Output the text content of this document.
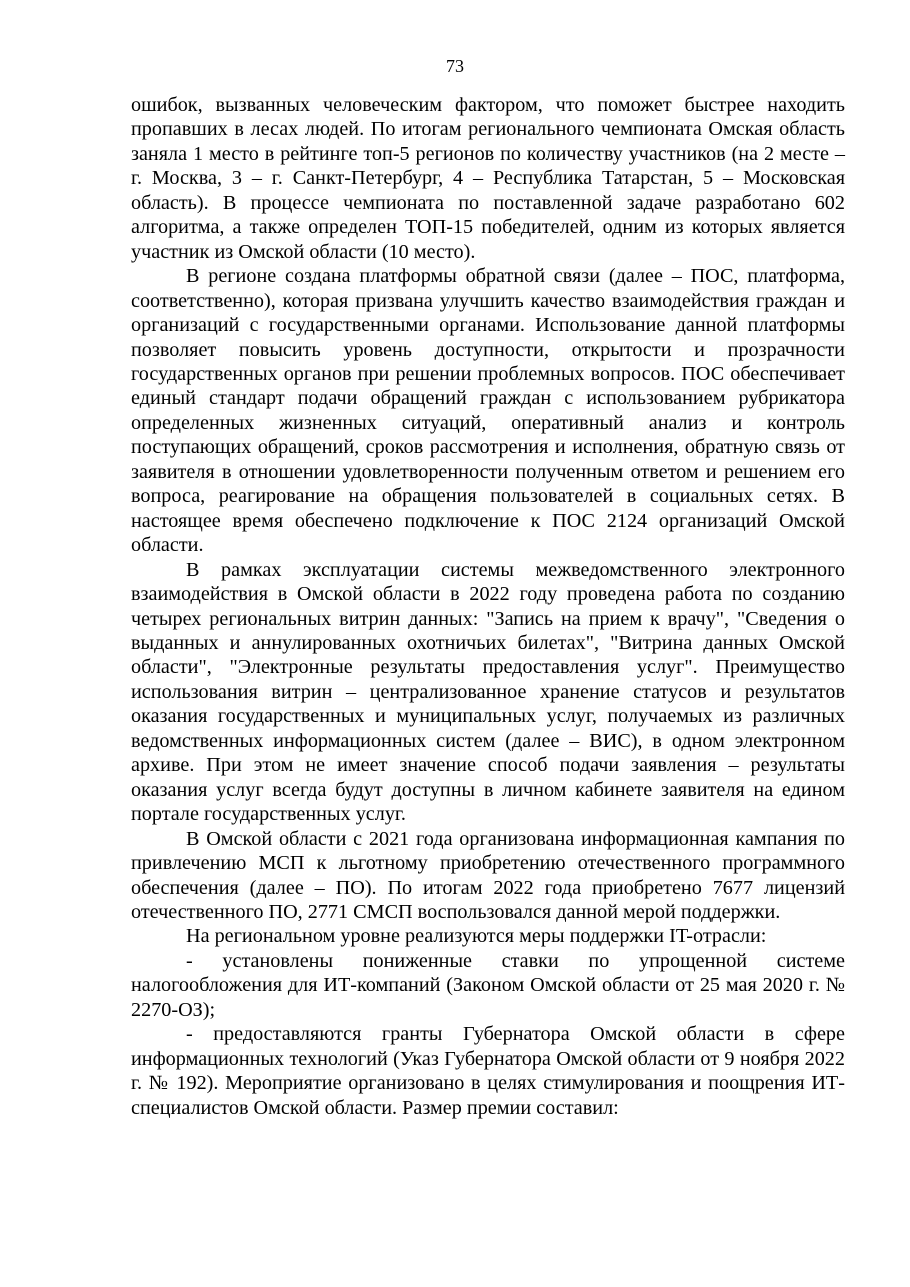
73

ошибок, вызванных человеческим фактором, что поможет быстрее находить пропавших в лесах людей. По итогам регионального чемпионата Омская область заняла 1 место в рейтинге топ-5 регионов по количеству участников (на 2 месте – г. Москва, 3 – г. Санкт-Петербург, 4 – Республика Татарстан, 5 – Московская область). В процессе чемпионата по поставленной задаче разработано 602 алгоритма, а также определен ТОП-15 победителей, одним из которых является участник из Омской области (10 место).

В регионе создана платформы обратной связи (далее – ПОС, платформа, соответственно), которая призвана улучшить качество взаимодействия граждан и организаций с государственными органами. Использование данной платформы позволяет повысить уровень доступности, открытости и прозрачности государственных органов при решении проблемных вопросов. ПОС обеспечивает единый стандарт подачи обращений граждан с использованием рубрикатора определенных жизненных ситуаций, оперативный анализ и контроль поступающих обращений, сроков рассмотрения и исполнения, обратную связь от заявителя в отношении удовлетворенности полученным ответом и решением его вопроса, реагирование на обращения пользователей в социальных сетях. В настоящее время обеспечено подключение к ПОС 2124 организаций Омской области.

В рамках эксплуатации системы межведомственного электронного взаимодействия в Омской области в 2022 году проведена работа по созданию четырех региональных витрин данных: "Запись на прием к врачу", "Сведения о выданных и аннулированных охотничьих билетах", "Витрина данных Омской области", "Электронные результаты предоставления услуг". Преимущество использования витрин – централизованное хранение статусов и результатов оказания государственных и муниципальных услуг, получаемых из различных ведомственных информационных систем (далее – ВИС), в одном электронном архиве. При этом не имеет значение способ подачи заявления – результаты оказания услуг всегда будут доступны в личном кабинете заявителя на едином портале государственных услуг.

В Омской области с 2021 года организована информационная кампания по привлечению МСП к льготному приобретению отечественного программного обеспечения (далее – ПО). По итогам 2022 года приобретено 7677 лицензий отечественного ПО, 2771 СМСП воспользовался данной мерой поддержки.

На региональном уровне реализуются меры поддержки IT-отрасли:

- установлены пониженные ставки по упрощенной системе налогообложения для ИТ-компаний (Законом Омской области от 25 мая 2020 г. № 2270-ОЗ);

- предоставляются гранты Губернатора Омской области в сфере информационных технологий (Указ Губернатора Омской области от 9 ноября 2022 г. № 192). Мероприятие организовано в целях стимулирования и поощрения ИТ-специалистов Омской области. Размер премии составил:
